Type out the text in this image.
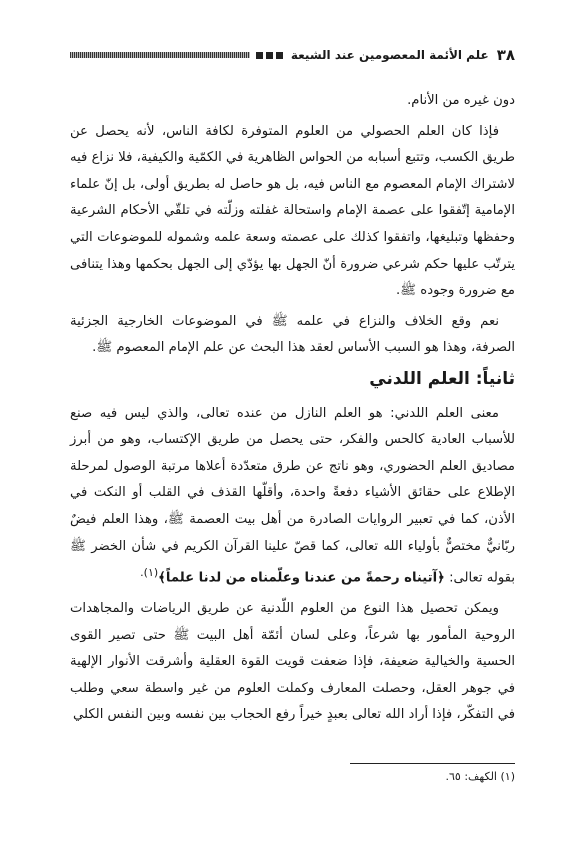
٣٨
علم الأئمة المعصومين عند الشيعة

دون غيره من الأنام.

فإذا كان العلم الحصولي من العلوم المتوفرة لكافة الناس، لأنه يحصل عن طريق الكسب، وتتبع أسبابه من الحواس الظاهرية في الكمّية والكيفية، فلا نزاع فيه لاشتراك الإمام المعصوم مع الناس فيه، بل هو حاصل له بطريق أولى، بل إنّ علماء الإمامية إتّفقوا على عصمة الإمام واستحالة غفلته وزلّته في تلقّي الأحكام الشرعية وحفظها وتبليغها، واتفقوا كذلك على عصمته وسعة علمه وشموله للموضوعات التي يترتّب عليها حكم شرعي ضرورة أنّ الجهل بها يؤدّي إلى الجهل بحكمها وهذا يتنافى مع ضرورة وجوده ﷺ.

نعم وقع الخلاف والنزاع في علمه ﷺ في الموضوعات الخارجية الجزئية الصرفة، وهذا هو السبب الأساس لعقد هذا البحث عن علم الإمام المعصوم ﷺ.

ثانياً: العلم اللدني

معنى العلم اللدني: هو العلم النازل من عنده تعالى، والذي ليس فيه صنع للأسباب العادية كالحس والفكر، حتى يحصل من طريق الإكتساب، وهو من أبرز مصاديق العلم الحضوري، وهو ناتج عن طرق متعدّدة أعلاها مرتبة الوصول لمرحلة الإطلاع على حقائق الأشياء دفعةً واحدة، وأقلّها القذف في القلب أو النكت في الأذن، كما في تعبير الروايات الصادرة من أهل بيت العصمة ﷺ، وهذا العلم فيضٌ ربّانيٌّ مختصٌّ بأولياء الله تعالى، كما قصّ علينا القرآن الكريم في شأن الخضر ﷺ بقوله تعالى: ﴿آتيناه رحمةً من عندنا وعلّمناه من لدنا علماً﴾$^{(١).}$

ويمكن تحصيل هذا النوع من العلوم اللّدنية عن طريق الرياضات والمجاهدات الروحية المأمور بها شرعاً، وعلى لسان أئمّة أهل البيت ﷺ حتى تصير القوى الحسية والخيالية ضعيفة، فإذا ضعفت قويت القوة العقلية وأشرقت الأنوار الإلهية في جوهر العقل، وحصلت المعارف وكملت العلوم من غير واسطة سعي وطلب في التفكّر، فإذا أراد الله تعالى بعبدٍ خيراً رفع الحجاب بين نفسه وبين النفس الكلي

(١) الكهف: ٦٥.
